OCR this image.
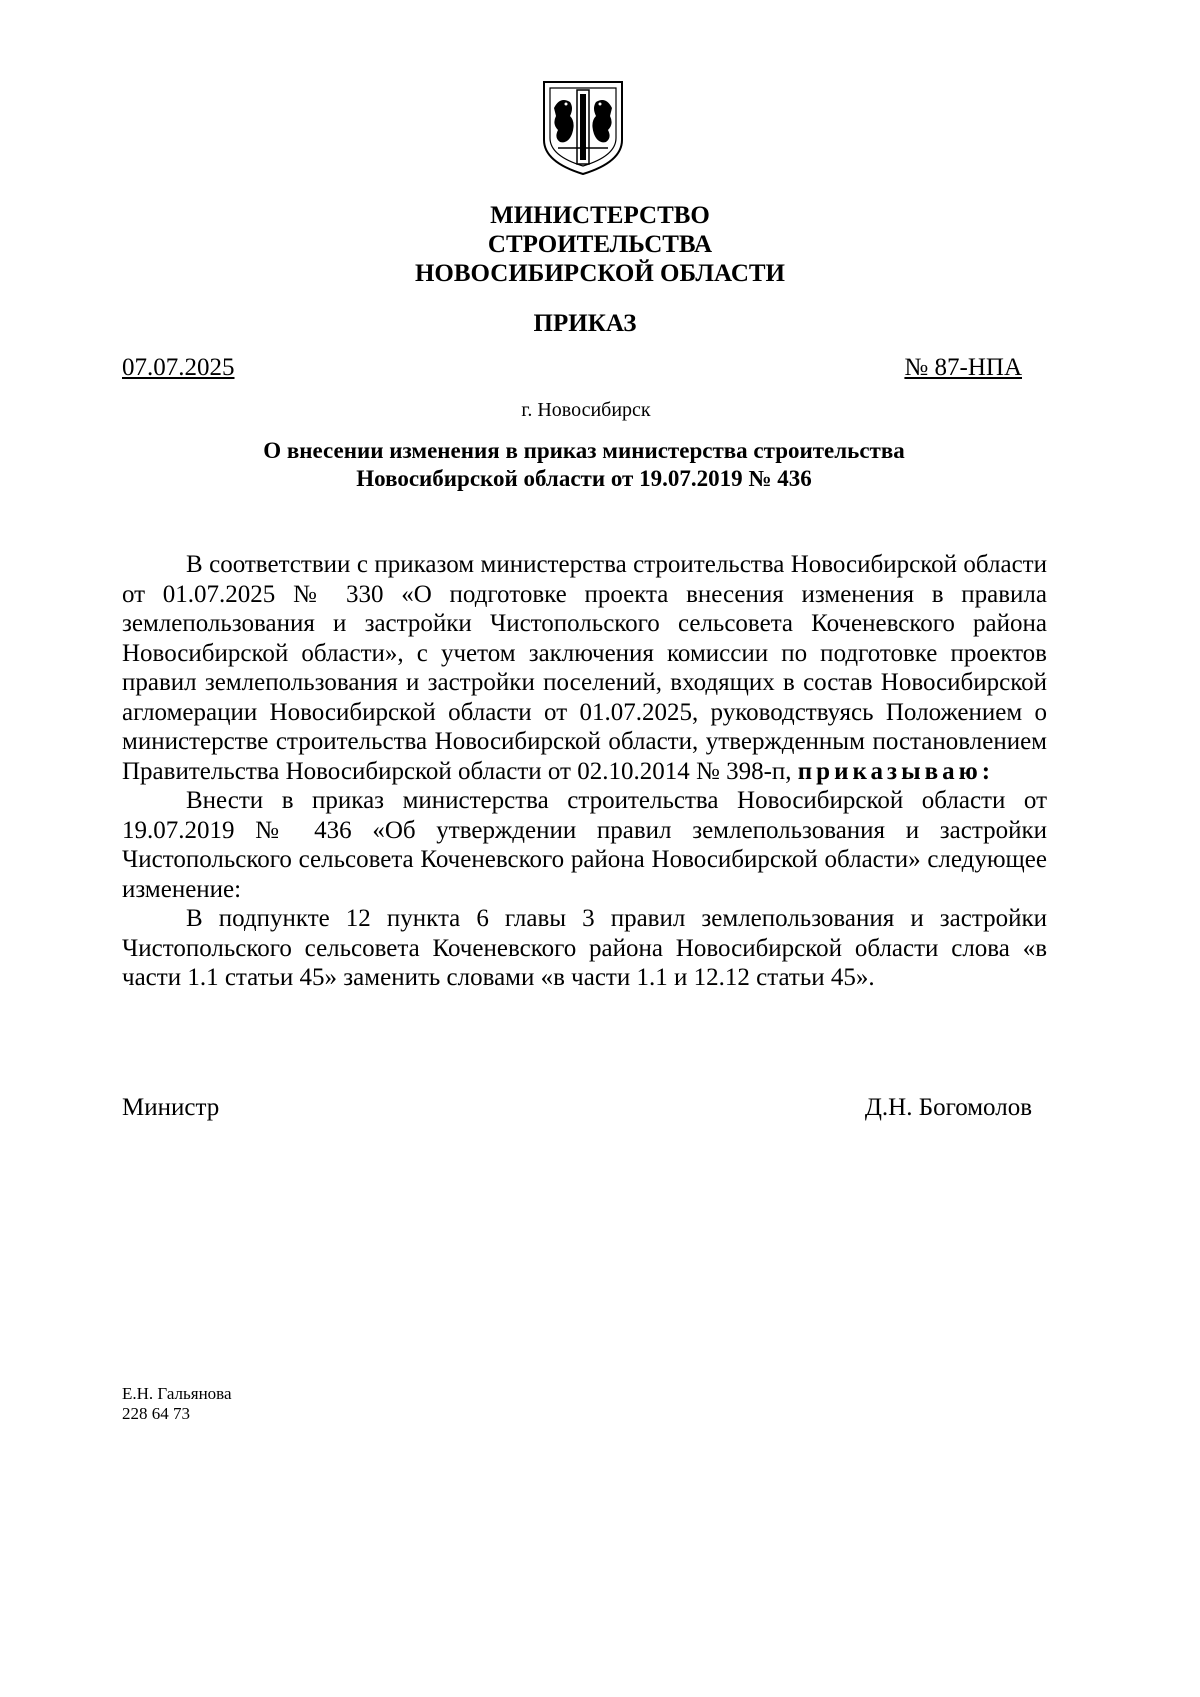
МИНИСТЕРСТВО
СТРОИТЕЛЬСТВА
НОВОСИБИРСКОЙ ОБЛАСТИ
ПРИКАЗ
07.07.2025	№ 87-НПА
г. Новосибирск
О внесении изменения в приказ министерства строительства
Новосибирской области от 19.07.2019 № 436

В соответствии с приказом министерства строительства Новосибирской области от 01.07.2025 № 330 «О подготовке проекта внесения изменения в правила землепользования и застройки Чистопольского сельсовета Коченевского района Новосибирской области», с учетом заключения комиссии по подготовке проектов правил землепользования и застройки поселений, входящих в состав Новосибирской агломерации Новосибирской области от 01.07.2025, руководствуясь Положением о министерстве строительства Новосибирской области, утвержденным постановлением Правительства Новосибирской области от 02.10.2014 № 398-п, приказываю:

Внести в приказ министерства строительства Новосибирской области от 19.07.2019 № 436 «Об утверждении правил землепользования и застройки Чистопольского сельсовета Коченевского района Новосибирской области» следующее изменение:

В подпункте 12 пункта 6 главы 3 правил землепользования и застройки Чистопольского сельсовета Коченевского района Новосибирской области слова «в части 1.1 статьи 45» заменить словами «в части 1.1 и 12.12 статьи 45».

Министр	Д.Н. Богомолов
Е.Н. Гальянова
228 64 73
